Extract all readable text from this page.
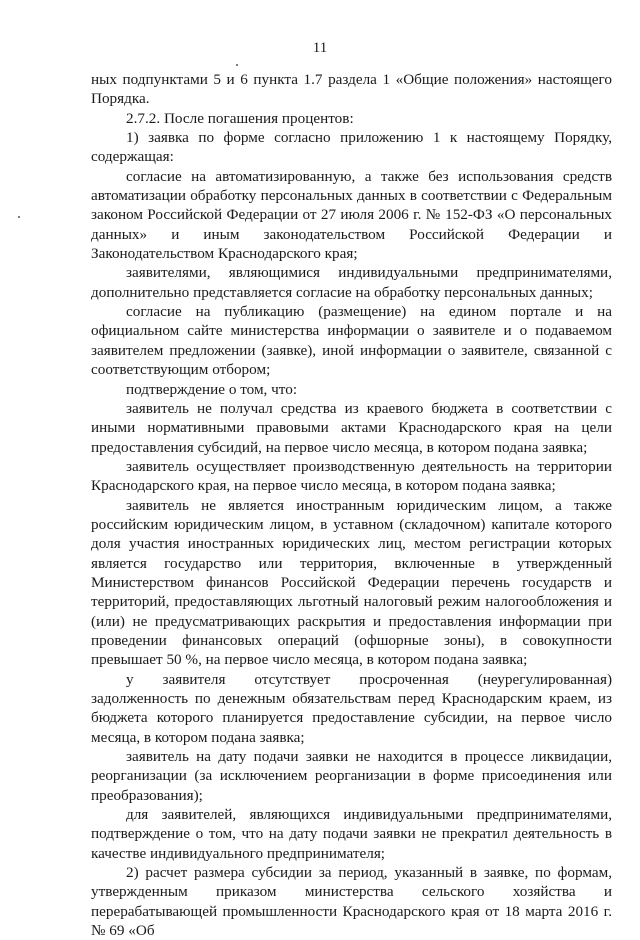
11

ных подпунктами 5 и 6 пункта 1.7 раздела 1 «Общие положения» настоящего Порядка.

2.7.2. После погашения процентов:

1) заявка по форме согласно приложению 1 к настоящему Порядку, содержащая:

согласие на автоматизированную, а также без использования средств автоматизации обработку персональных данных в соответствии с Федеральным законом Российской Федерации от 27 июля 2006 г. № 152-ФЗ «О персональных данных» и иным законодательством Российской Федерации и Законодательством Краснодарского края;

заявителями, являющимися индивидуальными предпринимателями, дополнительно представляется согласие на обработку персональных данных;

согласие на публикацию (размещение) на едином портале и на официальном сайте министерства информации о заявителе и о подаваемом заявителем предложении (заявке), иной информации о заявителе, связанной с соответствующим отбором;

подтверждение о том, что:

заявитель не получал средства из краевого бюджета в соответствии с иными нормативными правовыми актами Краснодарского края на цели предоставления субсидий, на первое число месяца, в котором подана заявка;

заявитель осуществляет производственную деятельность на территории Краснодарского края, на первое число месяца, в котором подана заявка;

заявитель не является иностранным юридическим лицом, а также российским юридическим лицом, в уставном (складочном) капитале которого доля участия иностранных юридических лиц, местом регистрации которых является государство или территория, включенные в утвержденный Министерством финансов Российской Федерации перечень государств и территорий, предоставляющих льготный налоговый режим налогообложения и (или) не предусматривающих раскрытия и предоставления информации при проведении финансовых операций (офшорные зоны), в совокупности превышает 50 %, на первое число месяца, в котором подана заявка;

у заявителя отсутствует просроченная (неурегулированная) задолженность по денежным обязательствам перед Краснодарским краем, из бюджета которого планируется предоставление субсидии, на первое число месяца, в котором подана заявка;

заявитель на дату подачи заявки не находится в процессе ликвидации, реорганизации (за исключением реорганизации в форме присоединения или преобразования);

для заявителей, являющихся индивидуальными предпринимателями, подтверждение о том, что на дату подачи заявки не прекратил деятельность в качестве индивидуального предпринимателя;

2) расчет размера субсидии за период, указанный в заявке, по формам, утвержденным приказом министерства сельского хозяйства и перерабатывающей промышленности Краснодарского края от 18 марта 2016 г. № 69 «Об
